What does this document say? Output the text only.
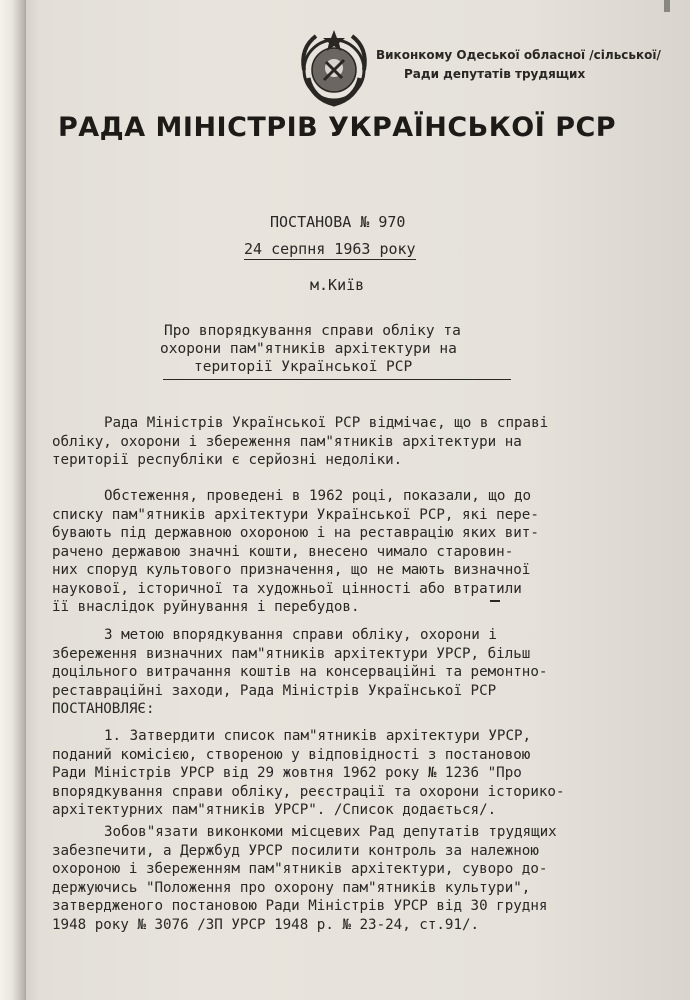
Виконкому Одеської обласної /сільської/
Ради депутатів трудящих
РАДА МІНІСТРІВ УКРАЇНСЬКОЇ РСР
ПОСТАНОВА № 970
24 серпня 1963 року
м.Київ
Про впорядкування справи обліку та
охорони пам"ятників архітектури на
території Української РСР
Рада Міністрів Української РСР відмічає, що в справі
обліку, охорони і збереження пам"ятників архітектури на
території республіки є серйозні недоліки.
Обстеження, проведені в 1962 році, показали, що до
списку пам"ятників архітектури Української РСР, які пере-
бувають під державною охороною і на реставрацію яких вит-
рачено державою значні кошти, внесено чимало старовин-
них споруд культового призначення, що не мають визначної
наукової, історичної та художньої цінності або втратили
її внаслідок руйнування і перебудов.
З метою впорядкування справи обліку, охорони і
збереження визначних пам"ятників архітектури УРСР, більш
доцільного витрачання коштів на консерваційні та ремонтно-
реставраційні заходи, Рада Міністрів Української РСР
ПОСТАНОВЛЯЄ:
1. Затвердити список пам"ятників архітектури УРСР,
поданий комісією, створеною у відповідності з постановою
Ради Міністрів УРСР від 29 жовтня 1962 року № 1236 "Про
впорядкування справи обліку, реєстрації та охорони історико-
архітектурних пам"ятників УРСР". /Список додається/.
Зобов"язати виконкоми місцевих Рад депутатів трудящих
забезпечити, а Держбуд УРСР посилити контроль за належною
охороною і збереженням пам"ятників архітектури, суворо до-
держуючись "Положення про охорону пам"ятників культури",
затвердженого постановою Ради Міністрів УРСР від 30 грудня
1948 року № 3076 /ЗП УРСР 1948 р. № 23-24, ст.91/.
